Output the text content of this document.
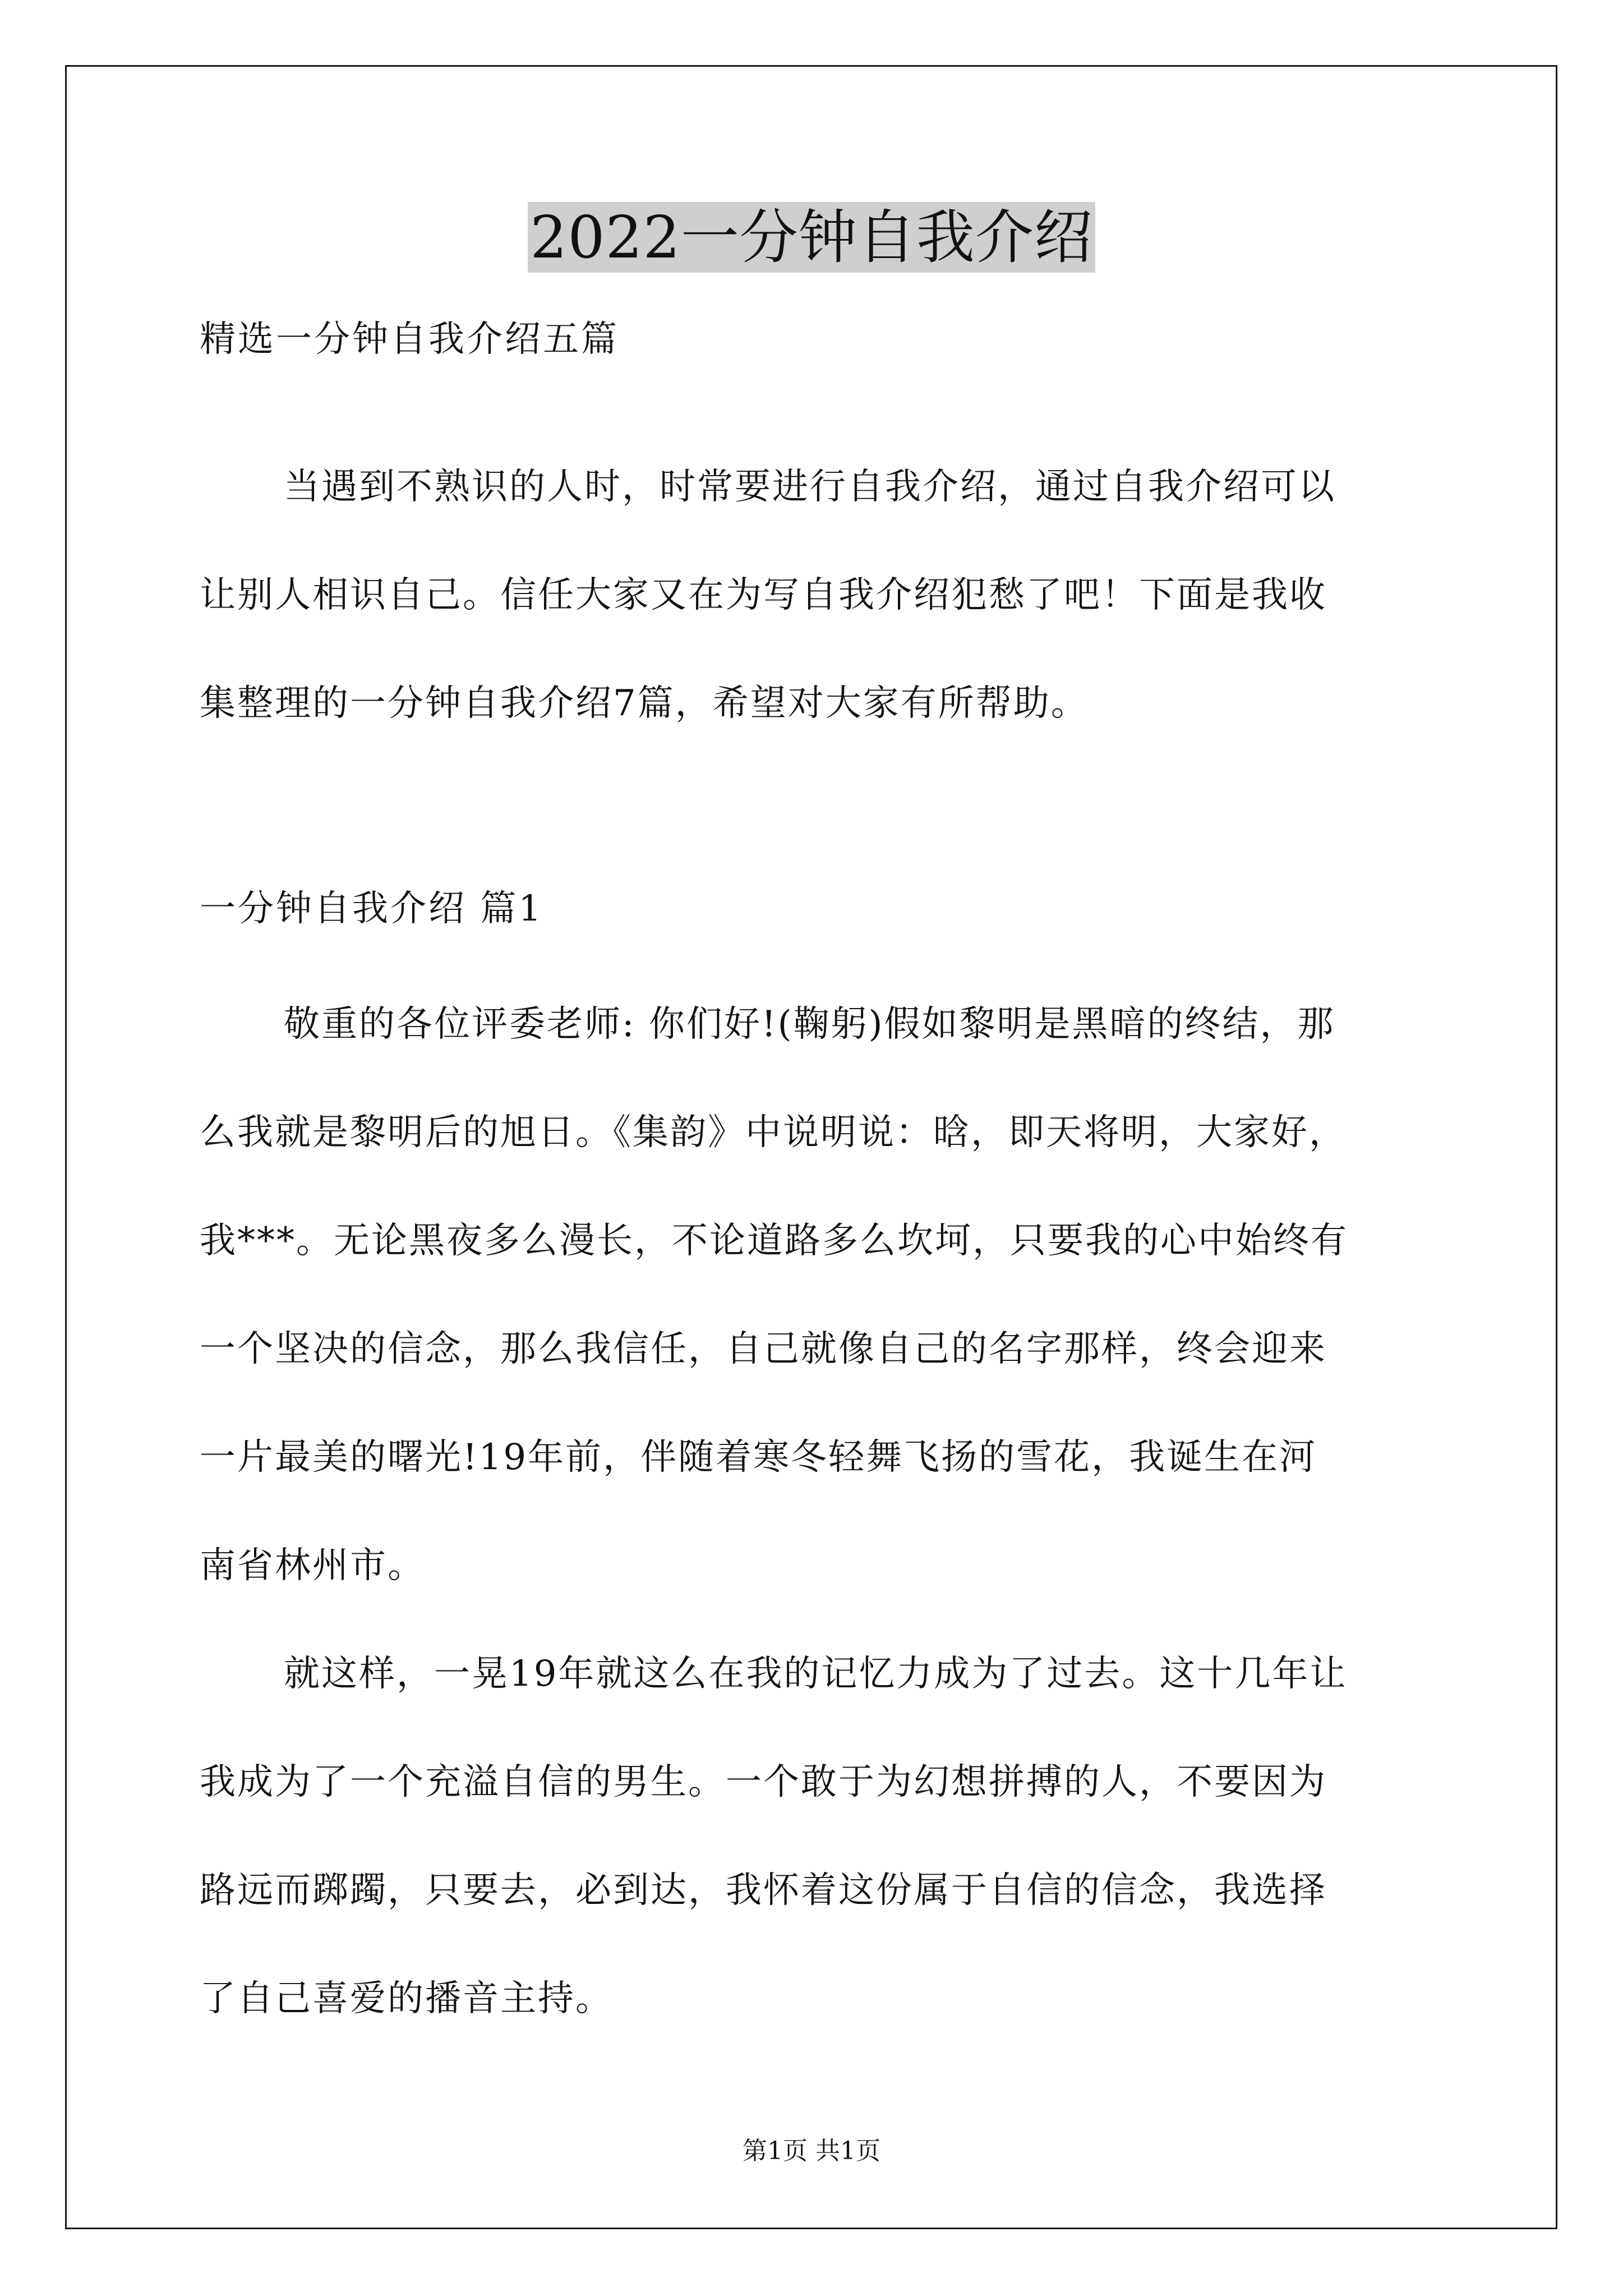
2022一分钟自我介绍
精选一分钟自我介绍五篇
当遇到不熟识的人时，时常要进行自我介绍，通过自我介绍可以
让别人相识自己。信任大家又在为写自我介绍犯愁了吧！下面是我收
集整理的一分钟自我介绍7篇，希望对大家有所帮助。
一分钟自我介绍 篇1
敬重的各位评委老师: 你们好!(鞠躬)假如黎明是黑暗的终结，那
么我就是黎明后的旭日。《集韵》中说明说：晗，即天将明，大家好，
我***。无论黑夜多么漫长，不论道路多么坎坷，只要我的心中始终有
一个坚决的信念，那么我信任，自己就像自己的名字那样，终会迎来
一片最美的曙光!19年前，伴随着寒冬轻舞飞扬的雪花，我诞生在河
南省林州市。
就这样，一晃19年就这么在我的记忆力成为了过去。这十几年让
我成为了一个充溢自信的男生。一个敢于为幻想拼搏的人，不要因为
路远而踯躅，只要去，必到达，我怀着这份属于自信的信念，我选择
了自己喜爱的播音主持。
第1页 共1页
